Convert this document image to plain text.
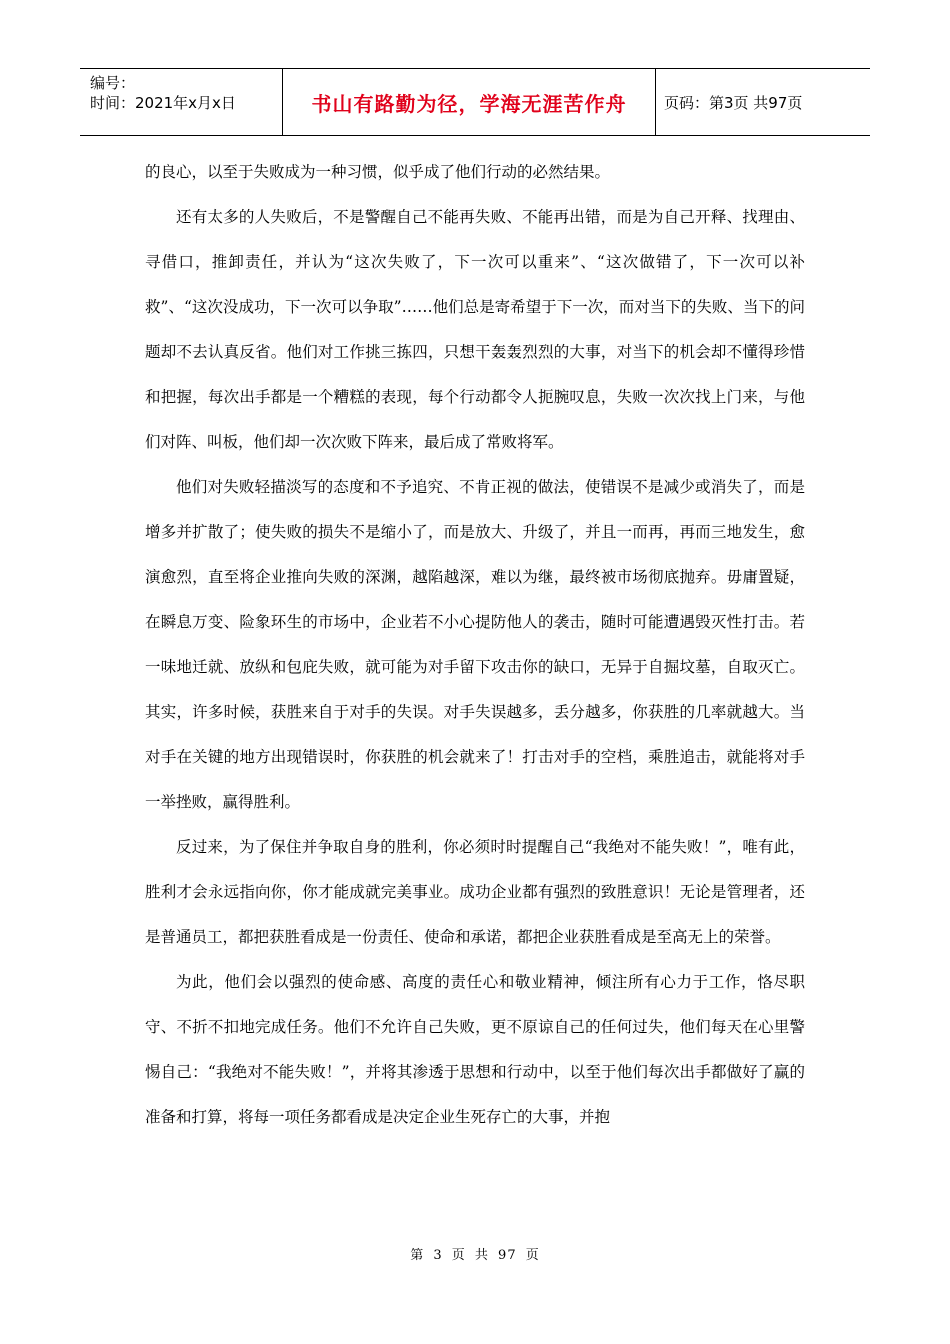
编号：
时间：2021年x月x日	书山有路勤为径，学海无涯苦作舟	页码：第3页 共97页

的良心，以至于失败成为一种习惯，似乎成了他们行动的必然结果。

还有太多的人失败后，不是警醒自己不能再失败、不能再出错，而是为自己开释、找理由、寻借口，推卸责任，并认为“这次失败了，下一次可以重来”、“这次做错了，下一次可以补救”、“这次没成功，下一次可以争取”……他们总是寄希望于下一次，而对当下的失败、当下的问题却不去认真反省。他们对工作挑三拣四，只想干轰轰烈烈的大事，对当下的机会却不懂得珍惜和把握，每次出手都是一个糟糕的表现，每个行动都令人扼腕叹息，失败一次次找上门来，与他们对阵、叫板，他们却一次次败下阵来，最后成了常败将军。

他们对失败轻描淡写的态度和不予追究、不肯正视的做法，使错误不是减少或消失了，而是增多并扩散了；使失败的损失不是缩小了，而是放大、升级了，并且一而再，再而三地发生，愈演愈烈，直至将企业推向失败的深渊，越陷越深，难以为继，最终被市场彻底抛弃。毋庸置疑，在瞬息万变、险象环生的市场中，企业若不小心提防他人的袭击，随时可能遭遇毁灭性打击。若一味地迁就、放纵和包庇失败，就可能为对手留下攻击你的缺口，无异于自掘坟墓，自取灭亡。其实，许多时候，获胜来自于对手的失误。对手失误越多，丢分越多，你获胜的几率就越大。当对手在关键的地方出现错误时，你获胜的机会就来了！打击对手的空档，乘胜追击，就能将对手一举挫败，赢得胜利。

反过来，为了保住并争取自身的胜利，你必须时时提醒自己“我绝对不能失败！”，唯有此，胜利才会永远指向你，你才能成就完美事业。成功企业都有强烈的致胜意识！无论是管理者，还是普通员工，都把获胜看成是一份责任、使命和承诺，都把企业获胜看成是至高无上的荣誉。

为此，他们会以强烈的使命感、高度的责任心和敬业精神，倾注所有心力于工作，恪尽职守、不折不扣地完成任务。他们不允许自己失败，更不原谅自己的任何过失，他们每天在心里警惕自己：“我绝对不能失败！”，并将其渗透于思想和行动中，以至于他们每次出手都做好了赢的准备和打算，将每一项任务都看成是决定企业生死存亡的大事，并抱

第 3 页 共 97 页
